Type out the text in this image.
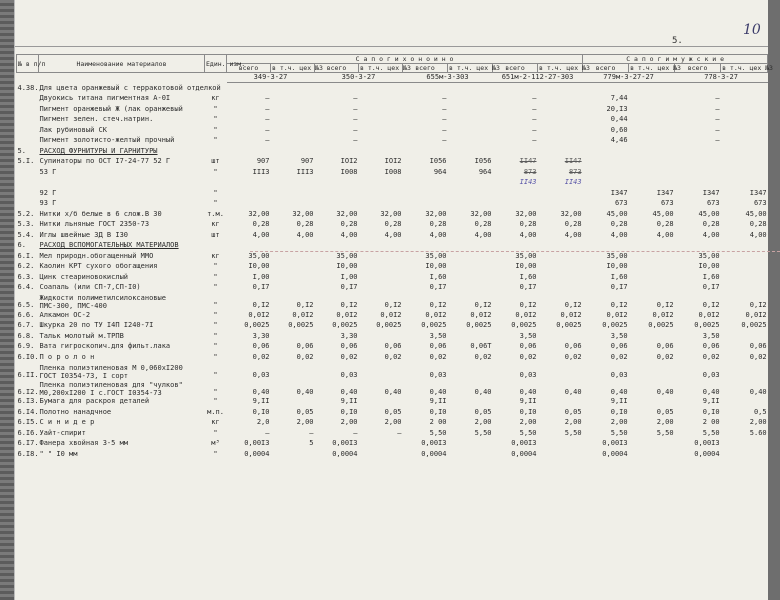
10
5.
№ в п/п	Наименование материалов	Един. изм.	С а п о г и х о н о и н о								С а п о г и м у ж с к и е			
			всего	в т.ч. цех №3	всего	в т.ч. цех №3	всего	в т.ч. цех №3	всего	в т.ч. цех №3	всего	в т.ч. цех №3	всего	в т.ч. цех №3
			349-3-27		350-3-27		655м-3-303		651м-2-112-27-303		779м-3-27-27		778-3-27	
4.38.	Для цвета оранжевый с терракотовой отделкой													
	Двуокись титана пигментная А-0I	кг	–		–		–		–		7,44		–	
	Пигмент оранжевый Ж (лак оранжевый	"	–		–		–		–		20,I3		–	
	Пигмент зелен. стеч.натрин.	"	–		–		–		–		0,44		–	
	Лак рубиновый СК	"	–		–		–		–		0,60		–	
	Пигмент золотисто-желтый прочный	"	–		–		–		–		4,46		–	
5.	РАСХОД ФУРНИТУРЫ И ГАРНИТУРЫ													
5.I.	Супинаторы по ОСТ I7-24-77 52 Г	шт	907	907	IOI2	IOI2	I056	I056	II47	II47				
	53 Г	"	III3	III3	I008	I008	964	964	873	873				
									II43	II43				
	92 Г	"									I347	I347	I347	I347
	93 Г	"									673	673	673	673
5.2.	Нитки х/б белые в 6 слож.В 30	т.м.	32,00	32,00	32,00	32,00	32,00	32,00	32,00	32,00	45,00	45,00	45,00	45,00
5.3.	Нитки льняные ГОСТ 2350-73	кг	0,28	0,28	0,28	0,28	0,28	0,28	0,28	0,28	0,28	0,28	0,28	0,28
5.4.	Иглы швейные ЗД В I30	шт	4,00	4,00	4,00	4,00	4,00	4,00	4,00	4,00	4,00	4,00	4,00	4,00
6.	РАСХОД ВСПОМОГАТЕЛЬНЫХ МАТЕРИАЛОВ													
6.I.	Мел природн.обогащенный ММО	кг	35,00		35,00		35,00		35,00		35,00		35,00	
6.2.	Каолин КРТ сухого обогащения	"	I0,00		I0,00		I0,00		I0,00		I0,00		I0,00	
6.3.	Цинк стеариновокислый	"	I,00		I,00		I,60		I,60		I,60		I,60	
6.4.	Соапаль (или СП-7,СП-I0)	"	0,I7		0,I7		0,I7		0,I7		0,I7		0,I7	
6.5.	Жидкости полиметилсилоксановые ПМС-300, ПМС-400	"	0,I2	0,I2	0,I2	0,I2	0,I2	0,I2	0,I2	0,I2	0,I2	0,I2	0,I2	0,I2
6.6.	Алкамон ОС-2	"	0,0I2	0,0I2	0,0I2	0,0I2	0,0I2	0,0I2	0,0I2	0,0I2	0,0I2	0,0I2	0,0I2	0,0I2
6.7.	Шкурка 20 по ТУ I4П I240-7I	"	0,0025	0,0025	0,0025	0,0025	0,0025	0,0025	0,0025	0,0025	0,0025	0,0025	0,0025	0,0025
6.8.	Тальк молотый м.ТРПВ	"	3,30		3,30		3,50		3,50		3,50		3,50	
6.9.	Вата гигроскопич.для фильт.лака	"	0,06	0,06	0,06	0,06	0,06	0,06Т	0,06	0,06	0,06	0,06	0,06	0,06
6.I0.	П о р о л о н	"	0,02	0,02	0,02	0,02	0,02	0,02	0,02	0,02	0,02	0,02	0,02	0,02
6.II.	Пленка полиэтиленовая М 0,060хI200 ГОСТ I0354-73, I сорт	"	0,03		0,03		0,03		0,03		0,03		0,03	
6.I2.	Пленка полиэтиленовая для "чулков" М0,200хI200 I с.ГОСТ I0354-73	"	0,40	0,40	0,40	0,40	0,40	0,40	0,40	0,40	0,40	0,40	0,40	0,40
6.I3.	Бумага для раскроя деталей	"	9,II		9,II		9,II		9,II		9,II		9,II	
6.I4.	Полотно нанадчное	м.п.	0,I0	0,05	0,I0	0,05	0,I0	0,05	0,I0	0,05	0,I0	0,05	0,I0	0,5
6.I5.	С и н и д е р	кг	2,0	2,00	2,00	2,00	2 00	2,00	2,00	2,00	2,00	2,00	2 00	2,00
6.I6.	Уайт-спирит	"	–	–	–	–	5,50	5,50	5,50	5,50	5,50	5,50	5,50	5.60
6.I7.	Фанера хвойная 3-5 мм	м³	0,00I3	5	0,00I3		0,00I3		0,00I3		0,00I3		0,00I3	
6.I8.	" " I0 мм	"	0,0004		0,0004		0,0004		0,0004		0,0004		0,0004	
